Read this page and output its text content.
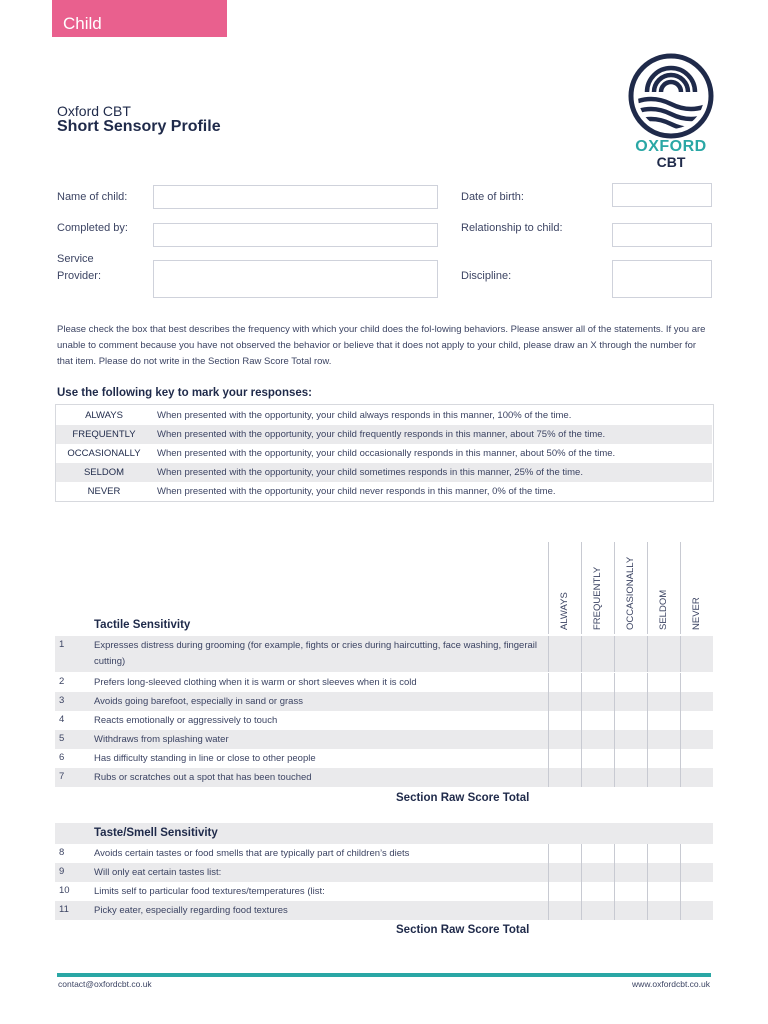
Child
Oxford CBT
Short Sensory Profile
OXFORD
CBT
Name of child:
Completed by:
Service
Provider:
Date of birth:
Relationship to child:
Discipline:
Please check the box that best describes the frequency with which your child does the fol-lowing behaviors. Please answer all of the statements. If you are unable to comment because you have not observed the behavior or believe that it does not apply to your child, please draw an X through the number for that item. Please do not write in the Section Raw Score Total row.
Use the following key to mark your responses:
ALWAYS	When presented with the opportunity, your child always responds in this manner, 100% of the time.
FREQUENTLY	When presented with the opportunity, your child frequently responds in this manner, about 75% of the time.
OCCASIONALLY	When presented with the opportunity, your child occasionally responds in this manner, about 50% of the time.
SELDOM	When presented with the opportunity, your child sometimes responds in this manner, 25% of the time.
NEVER	When presented with the opportunity, your child never responds in this manner, 0% of the time.
ALWAYS FREQUENTLY OCCASIONALLY SELDOM NEVER
Tactile Sensitivity
1	Expresses distress during grooming (for example, fights or cries during haircutting, face washing, fingerail cutting)
2	Prefers long-sleeved clothing when it is warm or short sleeves when it is cold
3	Avoids going barefoot, especially in sand or grass
4	Reacts emotionally or aggressively to touch
5	Withdraws from splashing water
6	Has difficulty standing in line or close to other people
7	Rubs or scratches out a spot that has been touched
Section Raw Score Total
Taste/Smell Sensitivity
8	Avoids certain tastes or food smells that are typically part of children’s diets
9	Will only eat certain tastes list:
10	Limits self to particular food textures/temperatures (list:
11	Picky eater, especially regarding food textures
Section Raw Score Total
contact@oxfordcbt.co.uk	www.oxfordcbt.co.uk
